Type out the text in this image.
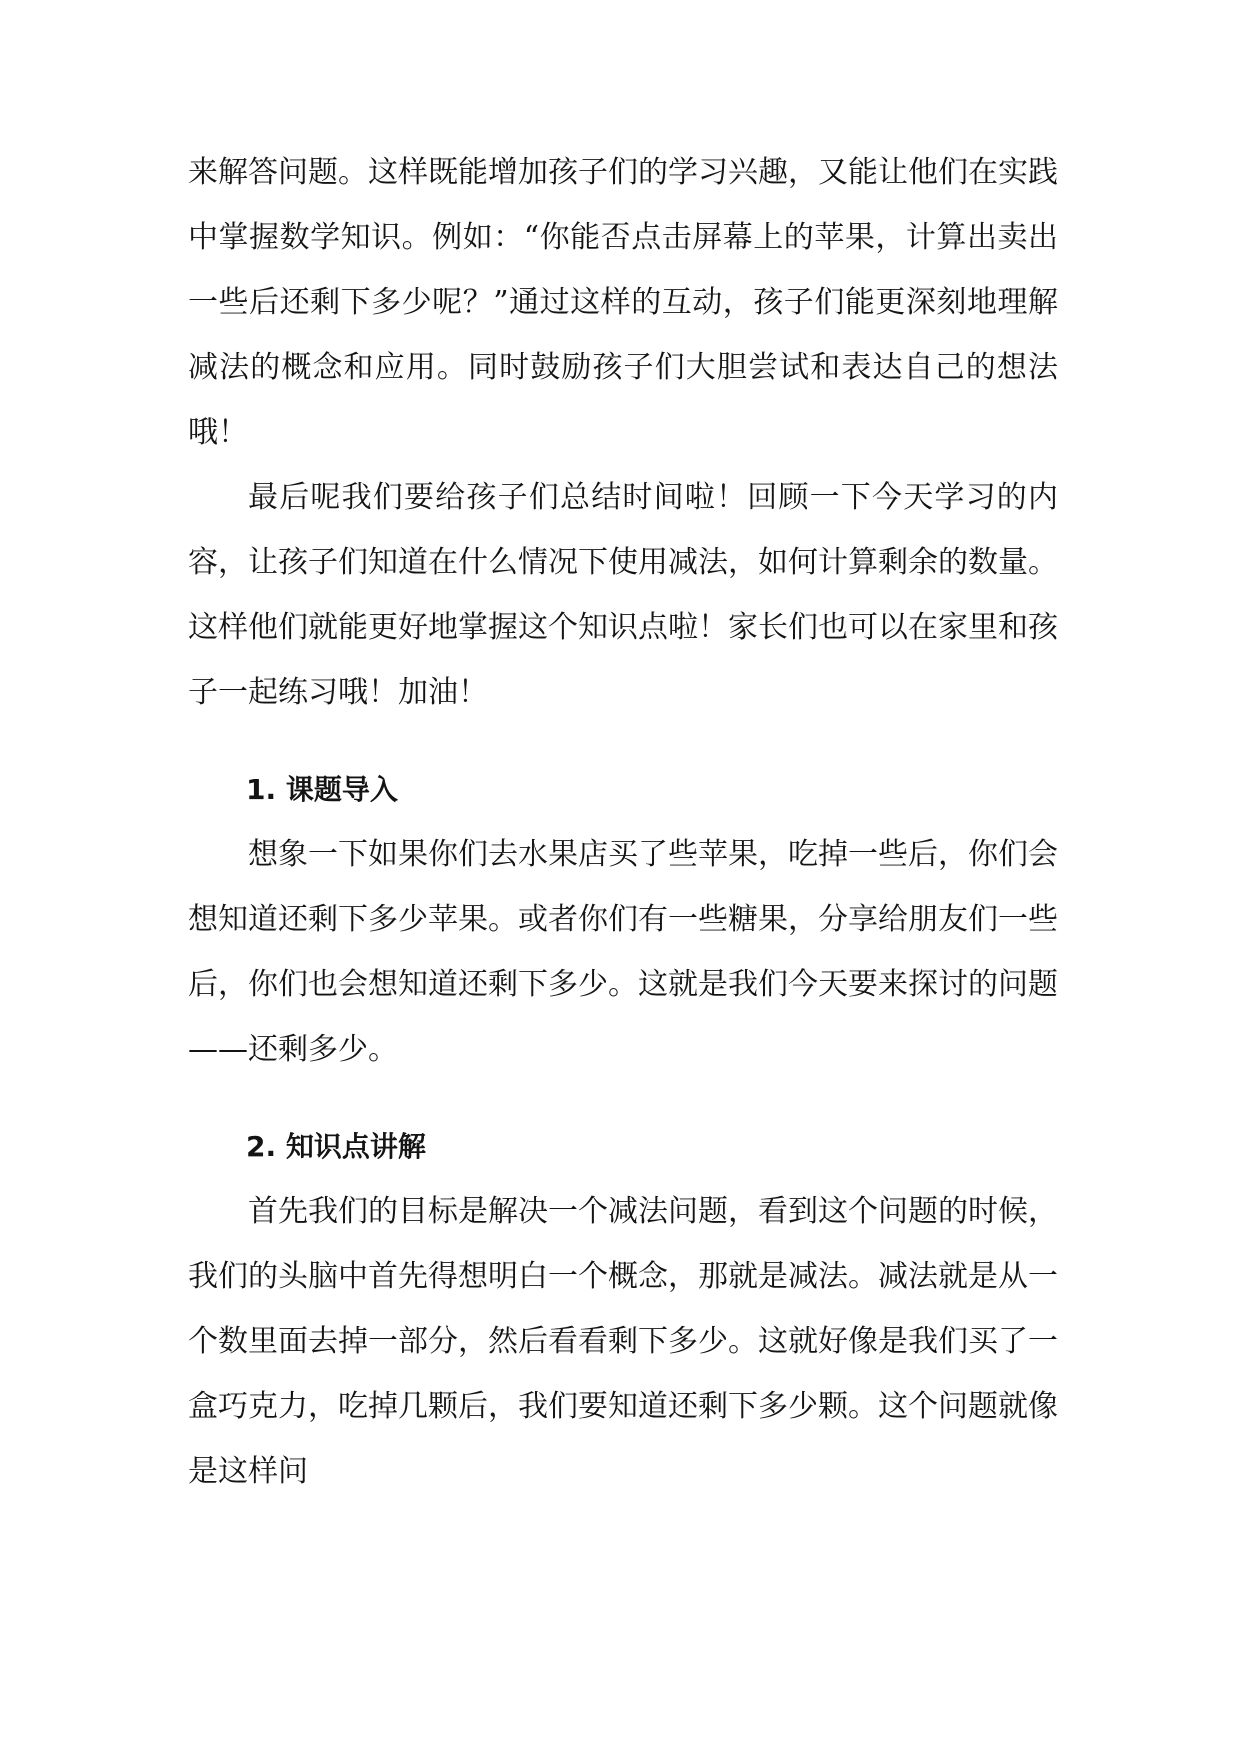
来解答问题。这样既能增加孩子们的学习兴趣，又能让他们在实践中掌握数学知识。例如：“你能否点击屏幕上的苹果，计算出卖出一些后还剩下多少呢？”通过这样的互动，孩子们能更深刻地理解减法的概念和应用。同时鼓励孩子们大胆尝试和表达自己的想法哦！

最后呢我们要给孩子们总结时间啦！回顾一下今天学习的内容，让孩子们知道在什么情况下使用减法，如何计算剩余的数量。这样他们就能更好地掌握这个知识点啦！家长们也可以在家里和孩子一起练习哦！加油！

1. 课题导入

想象一下如果你们去水果店买了些苹果，吃掉一些后，你们会想知道还剩下多少苹果。或者你们有一些糖果，分享给朋友们一些后，你们也会想知道还剩下多少。这就是我们今天要来探讨的问题——还剩多少。

2. 知识点讲解

首先我们的目标是解决一个减法问题，看到这个问题的时候，我们的头脑中首先得想明白一个概念，那就是减法。减法就是从一个数里面去掉一部分，然后看看剩下多少。这就好像是我们买了一盒巧克力，吃掉几颗后，我们要知道还剩下多少颗。这个问题就像是这样问
